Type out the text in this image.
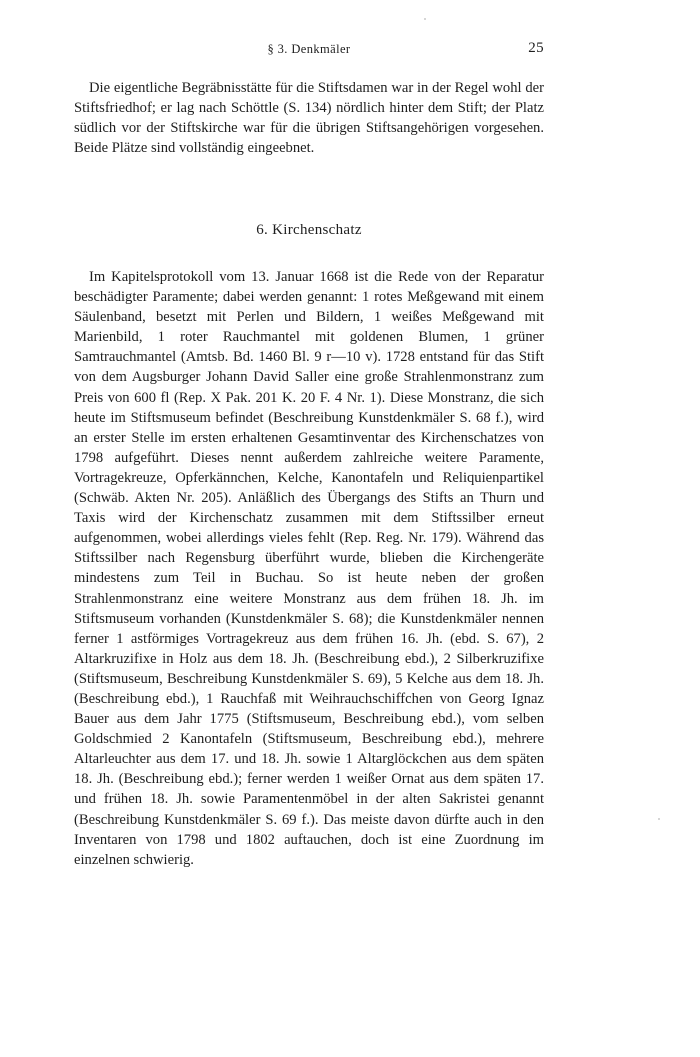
§ 3. Denkmäler	25

Die eigentliche Begräbnisstätte für die Stiftsdamen war in der Regel wohl der Stiftsfriedhof; er lag nach Schöttle (S. 134) nördlich hinter dem Stift; der Platz südlich vor der Stiftskirche war für die übrigen Stiftsangehörigen vorgesehen. Beide Plätze sind vollständig eingeebnet.

6. Kirchenschatz

Im Kapitelsprotokoll vom 13. Januar 1668 ist die Rede von der Reparatur beschädigter Paramente; dabei werden genannt: 1 rotes Meßgewand mit einem Säulenband, besetzt mit Perlen und Bildern, 1 weißes Meßgewand mit Marienbild, 1 roter Rauchmantel mit goldenen Blumen, 1 grüner Samtrauchmantel (Amtsb. Bd. 1460 Bl. 9 r—10 v). 1728 entstand für das Stift von dem Augsburger Johann David Saller eine große Strahlenmonstranz zum Preis von 600 fl (Rep. X Pak. 201 K. 20 F. 4 Nr. 1). Diese Monstranz, die sich heute im Stiftsmuseum befindet (Beschreibung Kunstdenkmäler S. 68 f.), wird an erster Stelle im ersten erhaltenen Gesamtinventar des Kirchenschatzes von 1798 aufgeführt. Dieses nennt außerdem zahlreiche weitere Paramente, Vortragekreuze, Opferkännchen, Kelche, Kanontafeln und Reliquienpartikel (Schwäb. Akten Nr. 205). Anläßlich des Übergangs des Stifts an Thurn und Taxis wird der Kirchenschatz zusammen mit dem Stiftssilber erneut aufgenommen, wobei allerdings vieles fehlt (Rep. Reg. Nr. 179). Während das Stiftssilber nach Regensburg überführt wurde, blieben die Kirchengeräte mindestens zum Teil in Buchau. So ist heute neben der großen Strahlenmonstranz eine weitere Monstranz aus dem frühen 18. Jh. im Stiftsmuseum vorhanden (Kunstdenkmäler S. 68); die Kunstdenkmäler nennen ferner 1 astförmiges Vortragekreuz aus dem frühen 16. Jh. (ebd. S. 67), 2 Altarkruzifixe in Holz aus dem 18. Jh. (Beschreibung ebd.), 2 Silberkruzifixe (Stiftsmuseum, Beschreibung Kunstdenkmäler S. 69), 5 Kelche aus dem 18. Jh. (Beschreibung ebd.), 1 Rauchfaß mit Weihrauchschiffchen von Georg Ignaz Bauer aus dem Jahr 1775 (Stiftsmuseum, Beschreibung ebd.), vom selben Goldschmied 2 Kanontafeln (Stiftsmuseum, Beschreibung ebd.), mehrere Altarleuchter aus dem 17. und 18. Jh. sowie 1 Altarglöckchen aus dem späten 18. Jh. (Beschreibung ebd.); ferner werden 1 weißer Ornat aus dem späten 17. und frühen 18. Jh. sowie Paramentenmöbel in der alten Sakristei genannt (Beschreibung Kunstdenkmäler S. 69 f.). Das meiste davon dürfte auch in den Inventaren von 1798 und 1802 auftauchen, doch ist eine Zuordnung im einzelnen schwierig.
